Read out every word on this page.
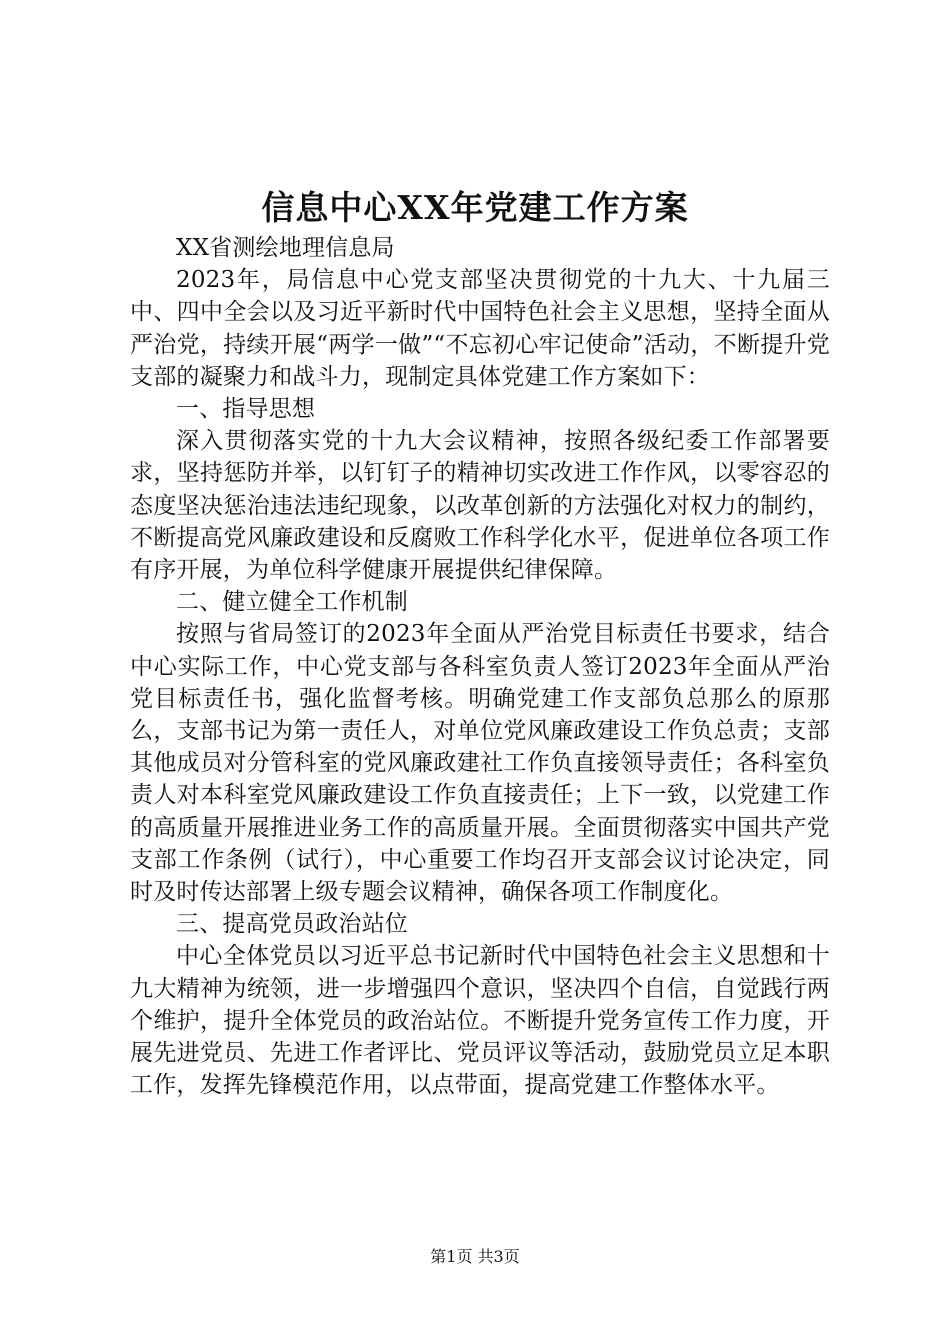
信息中心XX年党建工作方案

XX省测绘地理信息局

2023年，局信息中心党支部坚决贯彻党的十九大、十九届三中、四中全会以及习近平新时代中国特色社会主义思想，坚持全面从严治党，持续开展“两学一做”“不忘初心牢记使命”活动，不断提升党支部的凝聚力和战斗力，现制定具体党建工作方案如下：

一、指导思想

深入贯彻落实党的十九大会议精神，按照各级纪委工作部署要求，坚持惩防并举，以钉钉子的精神切实改进工作作风，以零容忍的态度坚决惩治违法违纪现象，以改革创新的方法强化对权力的制约，不断提高党风廉政建设和反腐败工作科学化水平，促进单位各项工作有序开展，为单位科学健康开展提供纪律保障。

二、健立健全工作机制

按照与省局签订的2023年全面从严治党目标责任书要求，结合中心实际工作，中心党支部与各科室负责人签订2023年全面从严治党目标责任书，强化监督考核。明确党建工作支部负总那么的原那么，支部书记为第一责任人，对单位党风廉政建设工作负总责；支部其他成员对分管科室的党风廉政建社工作负直接领导责任；各科室负责人对本科室党风廉政建设工作负直接责任；上下一致，以党建工作的高质量开展推进业务工作的高质量开展。全面贯彻落实中国共产党支部工作条例（试行），中心重要工作均召开支部会议讨论决定，同时及时传达部署上级专题会议精神，确保各项工作制度化。

三、提高党员政治站位

中心全体党员以习近平总书记新时代中国特色社会主义思想和十九大精神为统领，进一步增强四个意识，坚决四个自信，自觉践行两个维护，提升全体党员的政治站位。不断提升党务宣传工作力度，开展先进党员、先进工作者评比、党员评议等活动，鼓励党员立足本职工作，发挥先锋模范作用，以点带面，提高党建工作整体水平。

第1页 共3页
